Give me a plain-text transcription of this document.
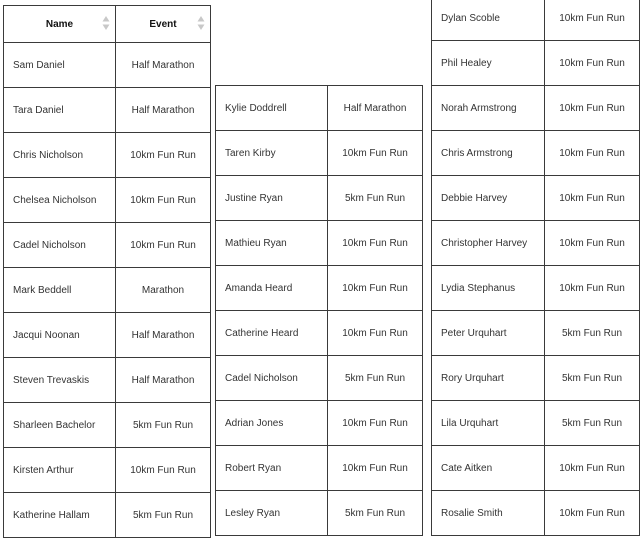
Name	Event

Sam Daniel	Half Marathon
Tara Daniel	Half Marathon
Chris Nicholson	10km Fun Run
Chelsea Nicholson	10km Fun Run
Cadel Nicholson	10km Fun Run
Mark Beddell	Marathon
Jacqui Noonan	Half Marathon
Steven Trevaskis	Half Marathon
Sharleen Bachelor	5km Fun Run
Kirsten Arthur	10km Fun Run
Katherine Hallam	5km Fun Run
Kylie Doddrell	Half Marathon
Taren Kirby	10km Fun Run
Justine Ryan	5km Fun Run
Mathieu Ryan	10km Fun Run
Amanda Heard	10km Fun Run
Catherine Heard	10km Fun Run
Cadel Nicholson	5km Fun Run
Adrian Jones	10km Fun Run
Robert Ryan	10km Fun Run
Lesley Ryan	5km Fun Run
Dylan Scoble	10km Fun Run
Phil Healey	10km Fun Run
Norah Armstrong	10km Fun Run
Chris Armstrong	10km Fun Run
Debbie Harvey	10km Fun Run
Christopher Harvey	10km Fun Run
Lydia Stephanus	10km Fun Run
Peter Urquhart	5km Fun Run
Rory Urquhart	5km Fun Run
Lila Urquhart	5km Fun Run
Cate Aitken	10km Fun Run
Rosalie Smith	10km Fun Run
